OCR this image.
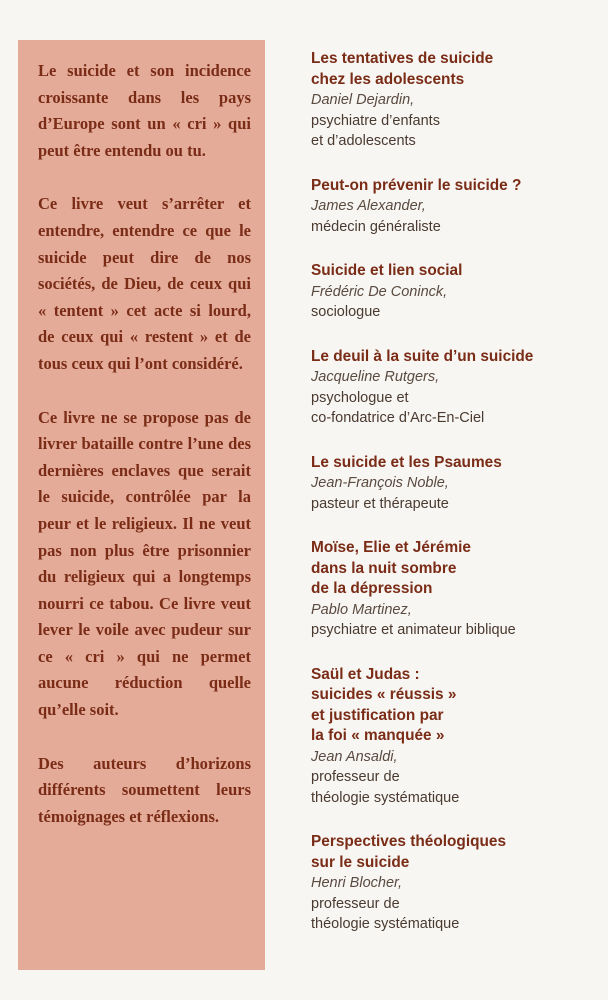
Le suicide et son incidence croissante dans les pays d’Europe sont un « cri » qui peut être entendu ou tu.

Ce livre veut s’arrêter et entendre, entendre ce que le suicide peut dire de nos sociétés, de Dieu, de ceux qui « tentent » cet acte si lourd, de ceux qui « restent » et de tous ceux qui l’ont considéré.

Ce livre ne se propose pas de livrer bataille contre l’une des dernières enclaves que serait le suicide, contrôlée par la peur et le religieux. Il ne veut pas non plus être prisonnier du religieux qui a longtemps nourri ce tabou. Ce livre veut lever le voile avec pudeur sur ce « cri » qui ne permet aucune réduction quelle qu’elle soit.

Des auteurs d’horizons différents soumettent leurs témoignages et réflexions.

Les tentatives de suicide
chez les adolescents
Daniel Dejardin,
psychiatre d’enfants
et d’adolescents
Peut-on prévenir le suicide ?
James Alexander,
médecin généraliste
Suicide et lien social
Frédéric De Coninck,
sociologue
Le deuil à la suite d’un suicide
Jacqueline Rutgers,
psychologue et
co-fondatrice d’Arc-En-Ciel
Le suicide et les Psaumes
Jean-François Noble,
pasteur et thérapeute
Moïse, Elie et Jérémie
dans la nuit sombre
de la dépression
Pablo Martinez,
psychiatre et animateur biblique
Saül et Judas :
suicides « réussis »
et justification par
la foi « manquée »
Jean Ansaldi,
professeur de
théologie systématique
Perspectives théologiques
sur le suicide
Henri Blocher,
professeur de
théologie systématique
